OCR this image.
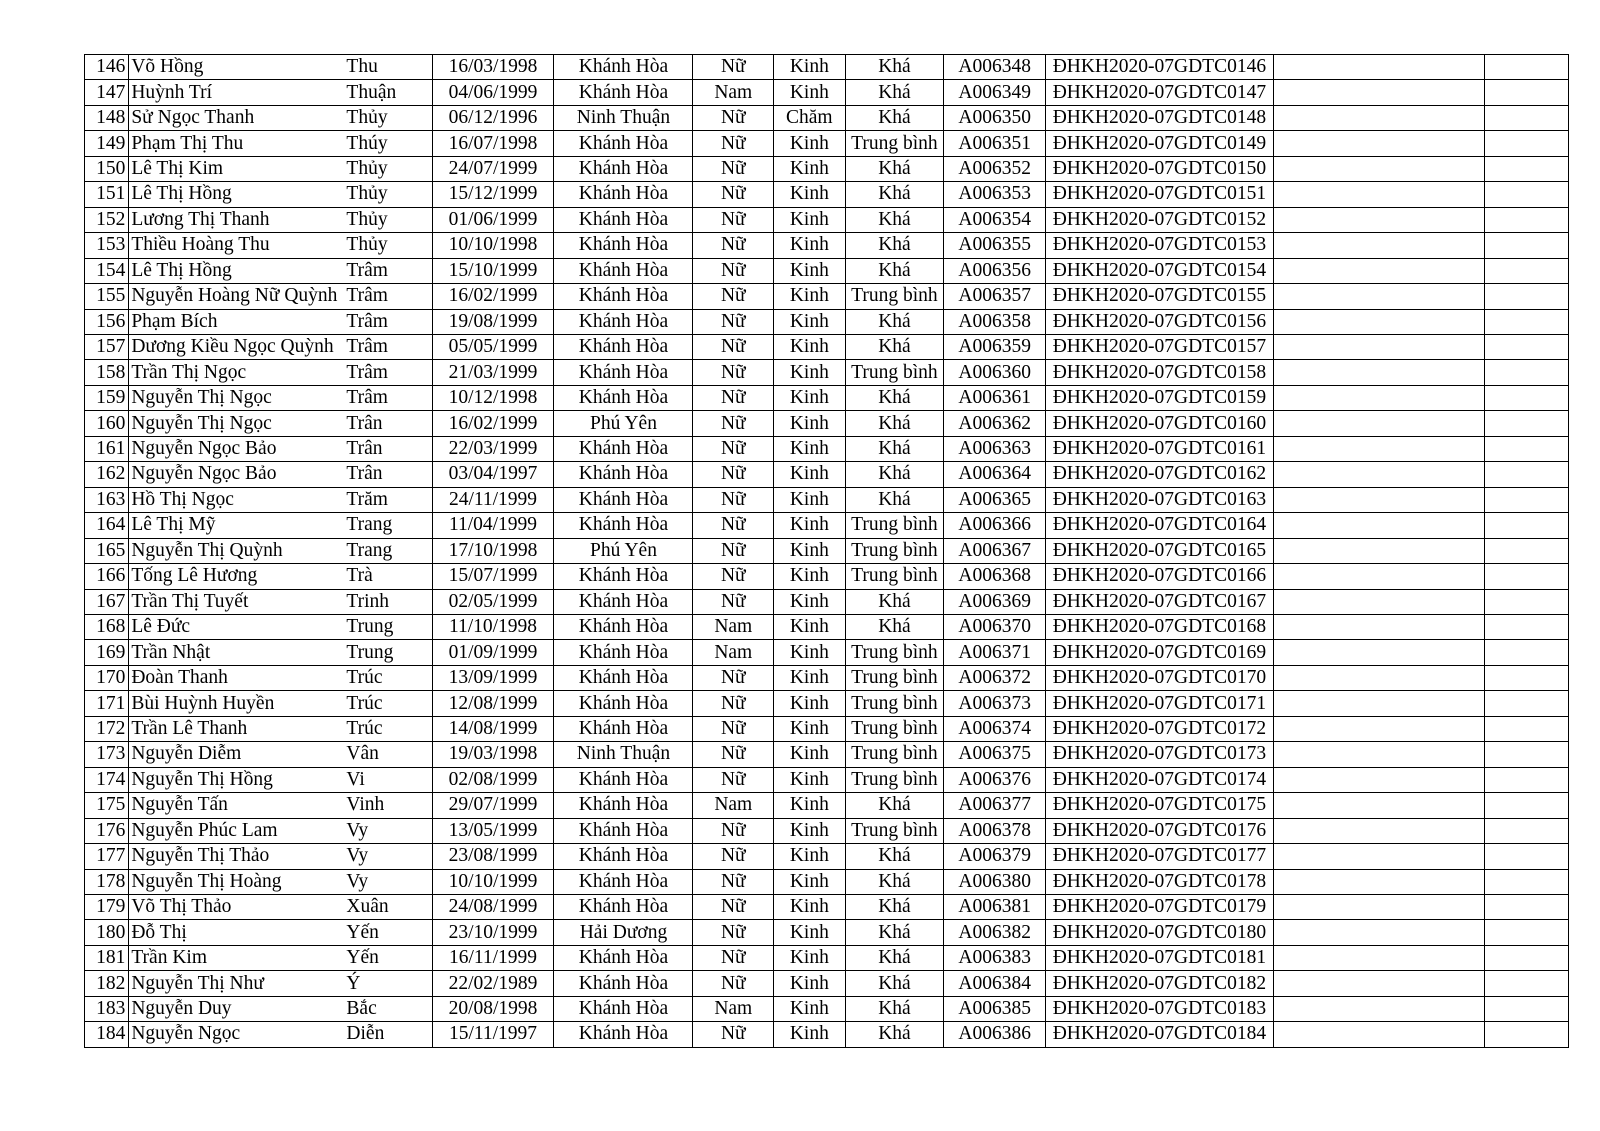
146	Võ Hồng	Thu	16/03/1998	Khánh Hòa	Nữ	Kinh	Khá	A006348	ĐHKH2020-07GDTC0146		
147	Huỳnh Trí	Thuận	04/06/1999	Khánh Hòa	Nam	Kinh	Khá	A006349	ĐHKH2020-07GDTC0147		
148	Sử Ngọc Thanh	Thủy	06/12/1996	Ninh Thuận	Nữ	Chăm	Khá	A006350	ĐHKH2020-07GDTC0148		
149	Phạm Thị Thu	Thúy	16/07/1998	Khánh Hòa	Nữ	Kinh	Trung bình	A006351	ĐHKH2020-07GDTC0149		
150	Lê Thị Kim	Thủy	24/07/1999	Khánh Hòa	Nữ	Kinh	Khá	A006352	ĐHKH2020-07GDTC0150		
151	Lê Thị Hồng	Thủy	15/12/1999	Khánh Hòa	Nữ	Kinh	Khá	A006353	ĐHKH2020-07GDTC0151		
152	Lương Thị Thanh	Thủy	01/06/1999	Khánh Hòa	Nữ	Kinh	Khá	A006354	ĐHKH2020-07GDTC0152		
153	Thiều Hoàng Thu	Thủy	10/10/1998	Khánh Hòa	Nữ	Kinh	Khá	A006355	ĐHKH2020-07GDTC0153		
154	Lê Thị Hồng	Trâm	15/10/1999	Khánh Hòa	Nữ	Kinh	Khá	A006356	ĐHKH2020-07GDTC0154		
155	Nguyễn Hoàng Nữ Quỳnh	Trâm	16/02/1999	Khánh Hòa	Nữ	Kinh	Trung bình	A006357	ĐHKH2020-07GDTC0155		
156	Phạm Bích	Trâm	19/08/1999	Khánh Hòa	Nữ	Kinh	Khá	A006358	ĐHKH2020-07GDTC0156		
157	Dương Kiều Ngọc Quỳnh	Trâm	05/05/1999	Khánh Hòa	Nữ	Kinh	Khá	A006359	ĐHKH2020-07GDTC0157		
158	Trần Thị Ngọc	Trâm	21/03/1999	Khánh Hòa	Nữ	Kinh	Trung bình	A006360	ĐHKH2020-07GDTC0158		
159	Nguyễn Thị Ngọc	Trâm	10/12/1998	Khánh Hòa	Nữ	Kinh	Khá	A006361	ĐHKH2020-07GDTC0159		
160	Nguyễn Thị Ngọc	Trân	16/02/1999	Phú Yên	Nữ	Kinh	Khá	A006362	ĐHKH2020-07GDTC0160		
161	Nguyễn Ngọc Bảo	Trân	22/03/1999	Khánh Hòa	Nữ	Kinh	Khá	A006363	ĐHKH2020-07GDTC0161		
162	Nguyễn Ngọc Bảo	Trân	03/04/1997	Khánh Hòa	Nữ	Kinh	Khá	A006364	ĐHKH2020-07GDTC0162		
163	Hồ Thị Ngọc	Trăm	24/11/1999	Khánh Hòa	Nữ	Kinh	Khá	A006365	ĐHKH2020-07GDTC0163		
164	Lê Thị Mỹ	Trang	11/04/1999	Khánh Hòa	Nữ	Kinh	Trung bình	A006366	ĐHKH2020-07GDTC0164		
165	Nguyễn Thị Quỳnh	Trang	17/10/1998	Phú Yên	Nữ	Kinh	Trung bình	A006367	ĐHKH2020-07GDTC0165		
166	Tống Lê Hương	Trà	15/07/1999	Khánh Hòa	Nữ	Kinh	Trung bình	A006368	ĐHKH2020-07GDTC0166		
167	Trần Thị Tuyết	Trinh	02/05/1999	Khánh Hòa	Nữ	Kinh	Khá	A006369	ĐHKH2020-07GDTC0167		
168	Lê Đức	Trung	11/10/1998	Khánh Hòa	Nam	Kinh	Khá	A006370	ĐHKH2020-07GDTC0168		
169	Trần Nhật	Trung	01/09/1999	Khánh Hòa	Nam	Kinh	Trung bình	A006371	ĐHKH2020-07GDTC0169		
170	Đoàn Thanh	Trúc	13/09/1999	Khánh Hòa	Nữ	Kinh	Trung bình	A006372	ĐHKH2020-07GDTC0170		
171	Bùi Huỳnh Huyền	Trúc	12/08/1999	Khánh Hòa	Nữ	Kinh	Trung bình	A006373	ĐHKH2020-07GDTC0171		
172	Trần Lê Thanh	Trúc	14/08/1999	Khánh Hòa	Nữ	Kinh	Trung bình	A006374	ĐHKH2020-07GDTC0172		
173	Nguyễn Diễm	Vân	19/03/1998	Ninh Thuận	Nữ	Kinh	Trung bình	A006375	ĐHKH2020-07GDTC0173		
174	Nguyễn Thị Hồng	Vi	02/08/1999	Khánh Hòa	Nữ	Kinh	Trung bình	A006376	ĐHKH2020-07GDTC0174		
175	Nguyễn Tấn	Vinh	29/07/1999	Khánh Hòa	Nam	Kinh	Khá	A006377	ĐHKH2020-07GDTC0175		
176	Nguyễn Phúc Lam	Vy	13/05/1999	Khánh Hòa	Nữ	Kinh	Trung bình	A006378	ĐHKH2020-07GDTC0176		
177	Nguyễn Thị Thảo	Vy	23/08/1999	Khánh Hòa	Nữ	Kinh	Khá	A006379	ĐHKH2020-07GDTC0177		
178	Nguyễn Thị Hoàng	Vy	10/10/1999	Khánh Hòa	Nữ	Kinh	Khá	A006380	ĐHKH2020-07GDTC0178		
179	Võ Thị Thảo	Xuân	24/08/1999	Khánh Hòa	Nữ	Kinh	Khá	A006381	ĐHKH2020-07GDTC0179		
180	Đỗ Thị	Yến	23/10/1999	Hải Dương	Nữ	Kinh	Khá	A006382	ĐHKH2020-07GDTC0180		
181	Trần Kim	Yến	16/11/1999	Khánh Hòa	Nữ	Kinh	Khá	A006383	ĐHKH2020-07GDTC0181		
182	Nguyễn Thị Như	Ý	22/02/1989	Khánh Hòa	Nữ	Kinh	Khá	A006384	ĐHKH2020-07GDTC0182		
183	Nguyễn Duy	Bắc	20/08/1998	Khánh Hòa	Nam	Kinh	Khá	A006385	ĐHKH2020-07GDTC0183		
184	Nguyễn Ngọc	Diễn	15/11/1997	Khánh Hòa	Nữ	Kinh	Khá	A006386	ĐHKH2020-07GDTC0184		
